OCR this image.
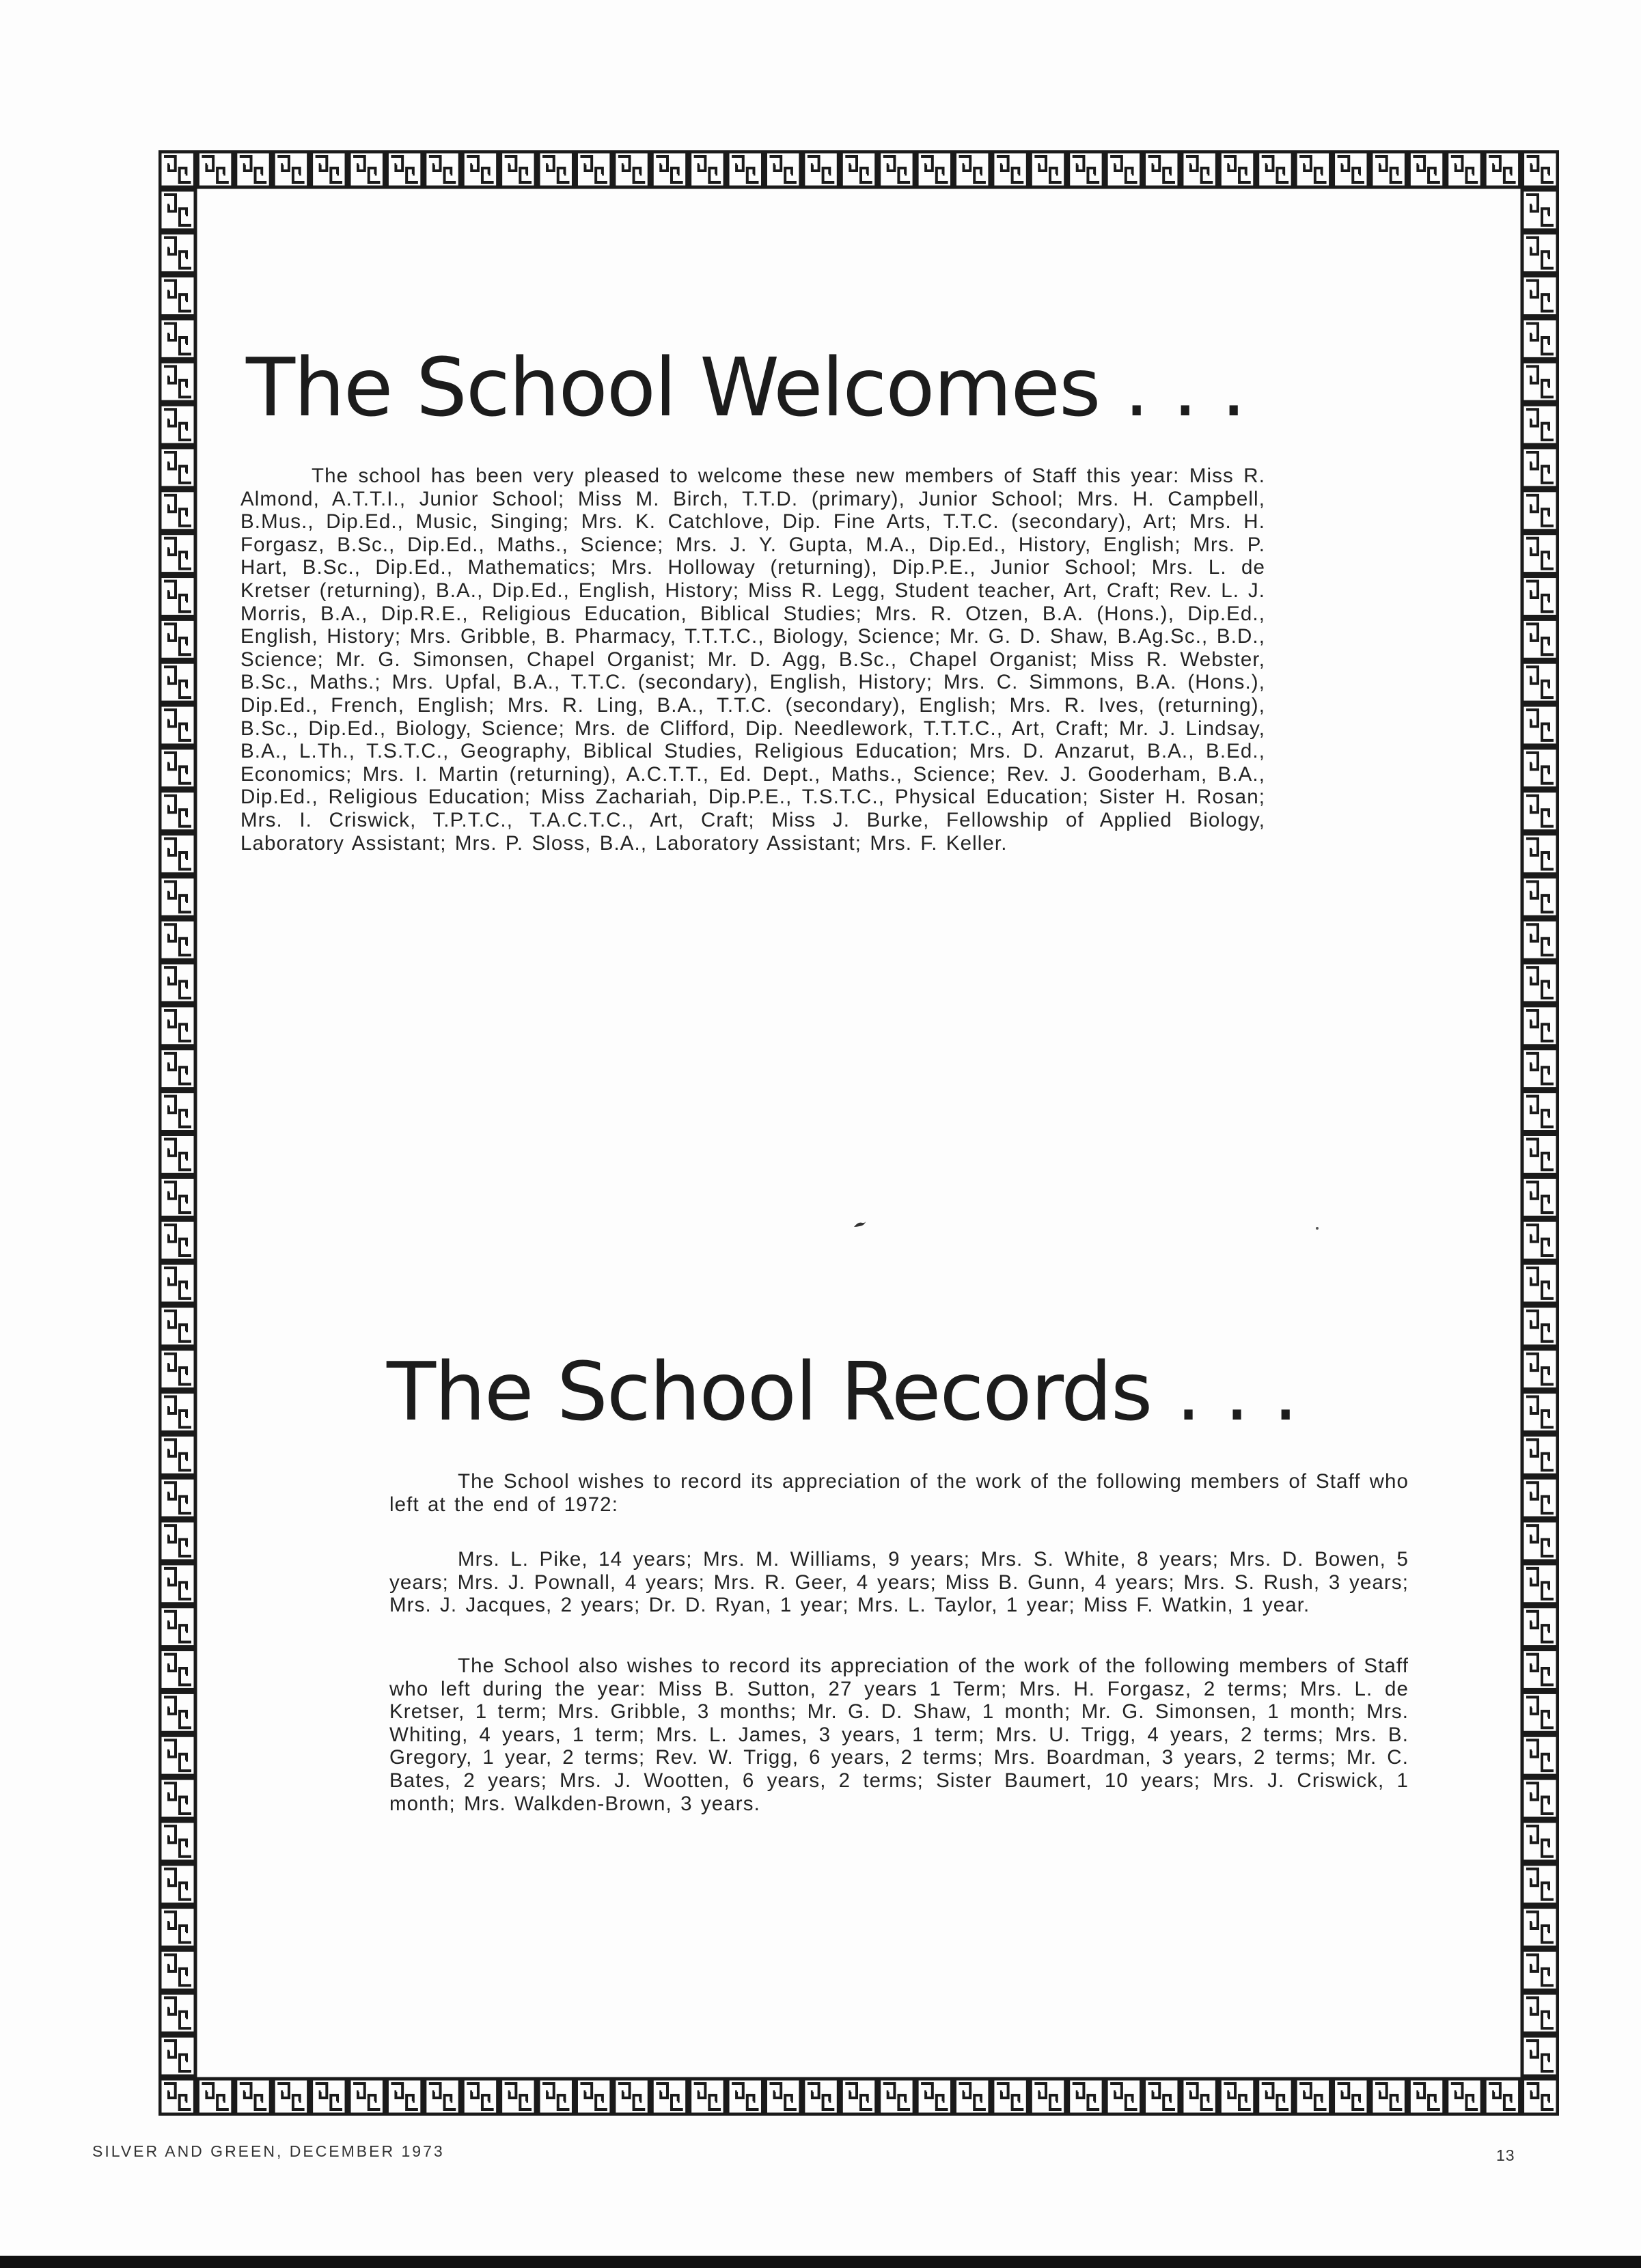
The School Welcomes . . .

The school has been very pleased to welcome these new members of Staff this year: Miss R. Almond, A.T.T.I., Junior School; Miss M. Birch, T.T.D. (primary), Junior School; Mrs. H. Campbell, B.Mus., Dip.Ed., Music, Singing; Mrs. K. Catchlove, Dip. Fine Arts, T.T.C. (secondary), Art; Mrs. H. Forgasz, B.Sc., Dip.Ed., Maths., Science; Mrs. J. Y. Gupta, M.A., Dip.Ed., History, English; Mrs. P. Hart, B.Sc., Dip.Ed., Mathematics; Mrs. Holloway (returning), Dip.P.E., Junior School; Mrs. L. de Kretser (returning), B.A., Dip.Ed., English, History; Miss R. Legg, Student teacher, Art, Craft; Rev. L. J. Morris, B.A., Dip.R.E., Religious Education, Biblical Studies; Mrs. R. Otzen, B.A. (Hons.), Dip.Ed., English, History; Mrs. Gribble, B. Pharmacy, T.T.T.C., Biology, Science; Mr. G. D. Shaw, B.Ag.Sc., B.D., Science; Mr. G. Simonsen, Chapel Organist; Mr. D. Agg, B.Sc., Chapel Organist; Miss R. Webster, B.Sc., Maths.; Mrs. Upfal, B.A., T.T.C. (secondary), English, History; Mrs. C. Simmons, B.A. (Hons.), Dip.Ed., French, English; Mrs. R. Ling, B.A., T.T.C. (secondary), English; Mrs. R. Ives, (returning), B.Sc., Dip.Ed., Biology, Science; Mrs. de Clifford, Dip. Needlework, T.T.T.C., Art, Craft; Mr. J. Lindsay, B.A., L.Th., T.S.T.C., Geography, Biblical Studies, Religious Education; Mrs. D. Anzarut, B.A., B.Ed., Economics; Mrs. I. Martin (returning), A.C.T.T., Ed. Dept., Maths., Science; Rev. J. Gooderham, B.A., Dip.Ed., Religious Education; Miss Zachariah, Dip.P.E., T.S.T.C., Physical Education; Sister H. Rosan; Mrs. I. Criswick, T.P.T.C., T.A.C.T.C., Art, Craft; Miss J. Burke, Fellowship of Applied Biology, Laboratory Assistant; Mrs. P. Sloss, B.A., Laboratory Assistant; Mrs. F. Keller.

The School Records . . .

The School wishes to record its appreciation of the work of the following members of Staff who left at the end of 1972:

Mrs. L. Pike, 14 years; Mrs. M. Williams, 9 years; Mrs. S. White, 8 years; Mrs. D. Bowen, 5 years; Mrs. J. Pownall, 4 years; Mrs. R. Geer, 4 years; Miss B. Gunn, 4 years; Mrs. S. Rush, 3 years; Mrs. J. Jacques, 2 years; Dr. D. Ryan, 1 year; Mrs. L. Taylor, 1 year; Miss F. Watkin, 1 year.

The School also wishes to record its appreciation of the work of the following members of Staff who left during the year: Miss B. Sutton, 27 years 1 Term; Mrs. H. Forgasz, 2 terms; Mrs. L. de Kretser, 1 term; Mrs. Gribble, 3 months; Mr. G. D. Shaw, 1 month; Mr. G. Simonsen, 1 month; Mrs. Whiting, 4 years, 1 term; Mrs. L. James, 3 years, 1 term; Mrs. U. Trigg, 4 years, 2 terms; Mrs. B. Gregory, 1 year, 2 terms; Rev. W. Trigg, 6 years, 2 terms; Mrs. Boardman, 3 years, 2 terms; Mr. C. Bates, 2 years; Mrs. J. Wootten, 6 years, 2 terms; Sister Baumert, 10 years; Mrs. J. Criswick, 1 month; Mrs. Walkden-Brown, 3 years.

SILVER AND GREEN, DECEMBER 1973	13
